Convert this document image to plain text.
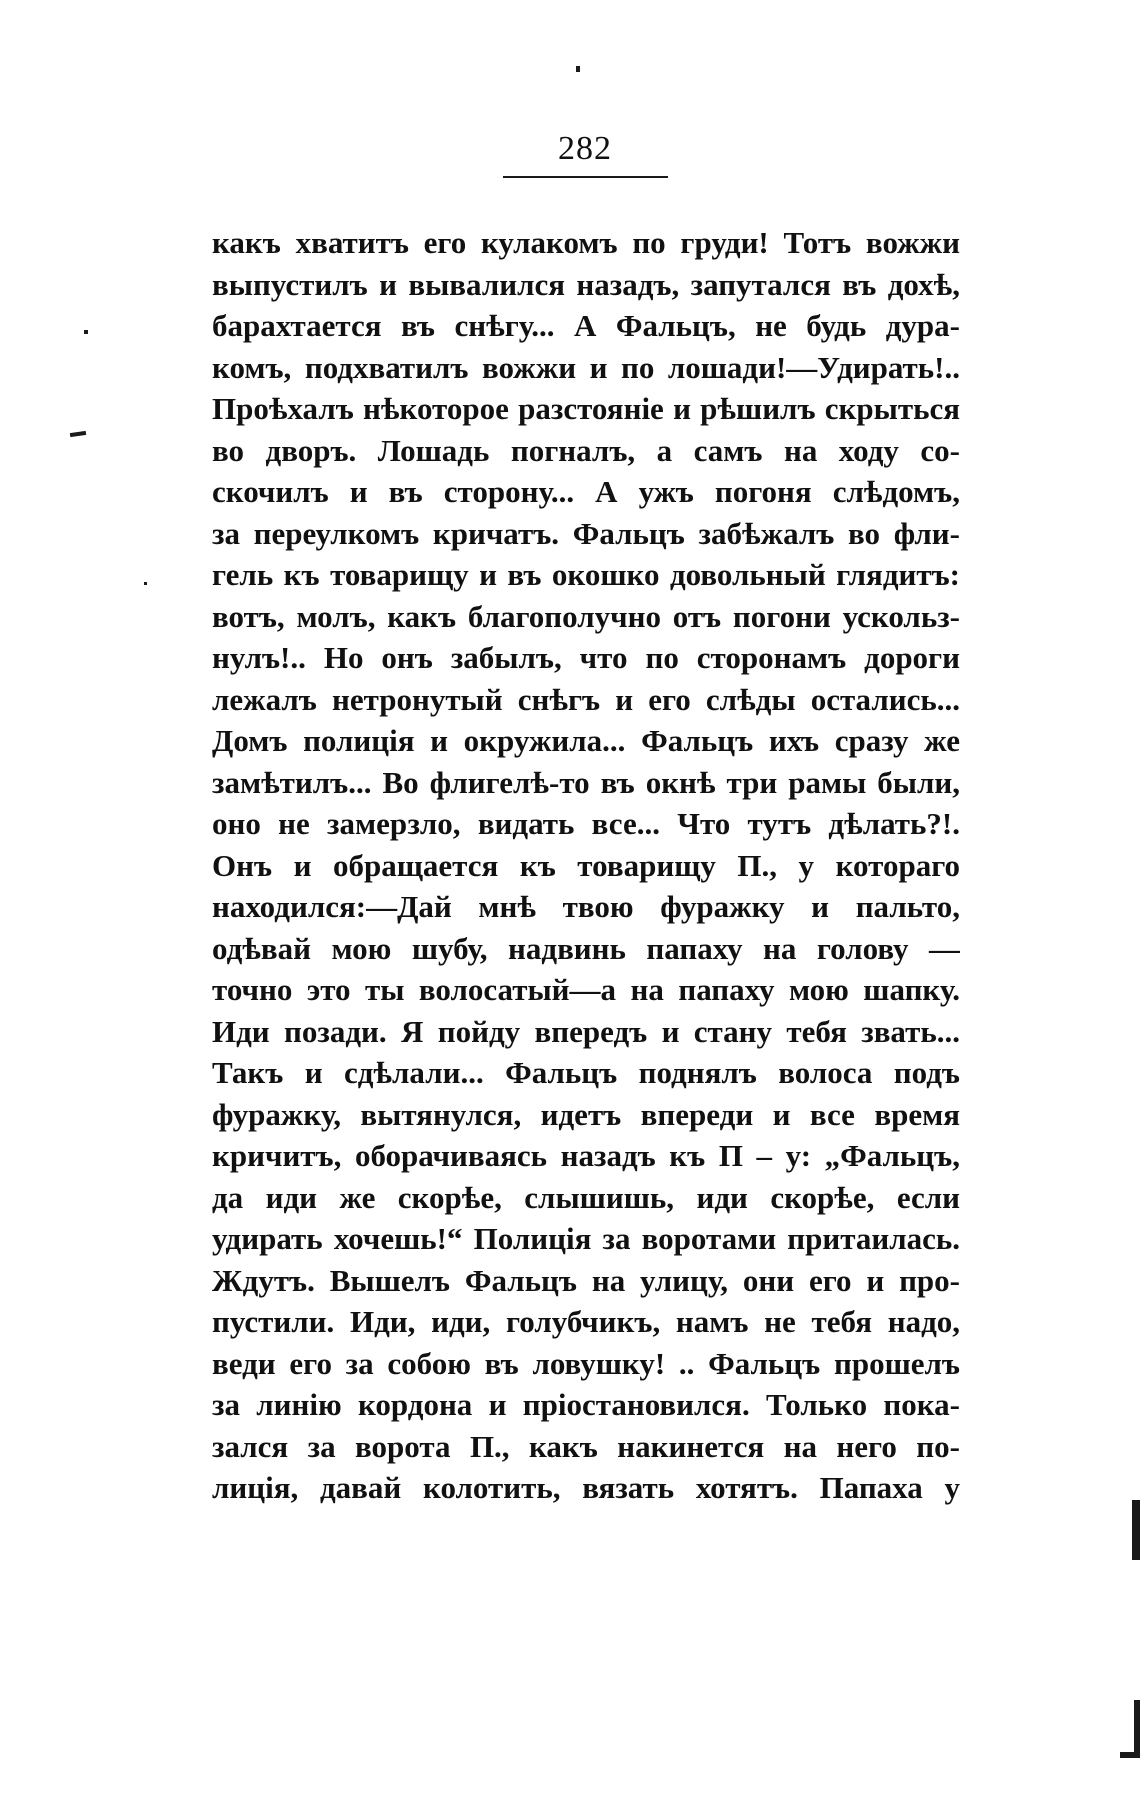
282
какъ хватитъ его кулакомъ по груди! Тотъ вожжи
выпустилъ и вывалился назадъ, запутался въ дохѣ,
барахтается въ снѣгу... А Фальцъ, не будь дура-
комъ, подхватилъ вожжи и по лошади!—Удирать!..
Проѣхалъ нѣкоторое разстояніе и рѣшилъ скрыться
во дворъ. Лошадь погналъ, а самъ на ходу со-
скочилъ и въ сторону... А ужъ погоня слѣдомъ,
за переулкомъ кричатъ. Фальцъ забѣжалъ во фли-
гель къ товарищу и въ окошко довольный глядитъ:
вотъ, молъ, какъ благополучно отъ погони ускольз-
нулъ!.. Но онъ забылъ, что по сторонамъ дороги
лежалъ нетронутый снѣгъ и его слѣды остались...
Домъ полиція и окружила... Фальцъ ихъ сразу же
замѣтилъ... Во флигелѣ-то въ окнѣ три рамы были,
оно не замерзло, видать все... Что тутъ дѣлать?!.
Онъ и обращается къ товарищу П., у котораго
находился:—Дай мнѣ твою фуражку и пальто,
одѣвай мою шубу, надвинь папаху на голову —
точно это ты волосатый—а на папаху мою шапку.
Иди позади. Я пойду впередъ и стану тебя звать...
Такъ и сдѣлали... Фальцъ поднялъ волоса подъ
фуражку, вытянулся, идетъ впереди и все время
кричитъ, оборачиваясь назадъ къ П – у: „Фальцъ,
да иди же скорѣе, слышишь, иди скорѣе, если
удирать хочешь!“ Полиція за воротами притаилась.
Ждутъ. Вышелъ Фальцъ на улицу, они его и про-
пустили. Иди, иди, голубчикъ, намъ не тебя надо,
веди его за собою въ ловушку! .. Фальцъ прошелъ
за линію кордона и пріостановился. Только пока-
зался за ворота П., какъ накинется на него по-
лиція, давай колотить, вязать хотятъ. Папаха у
